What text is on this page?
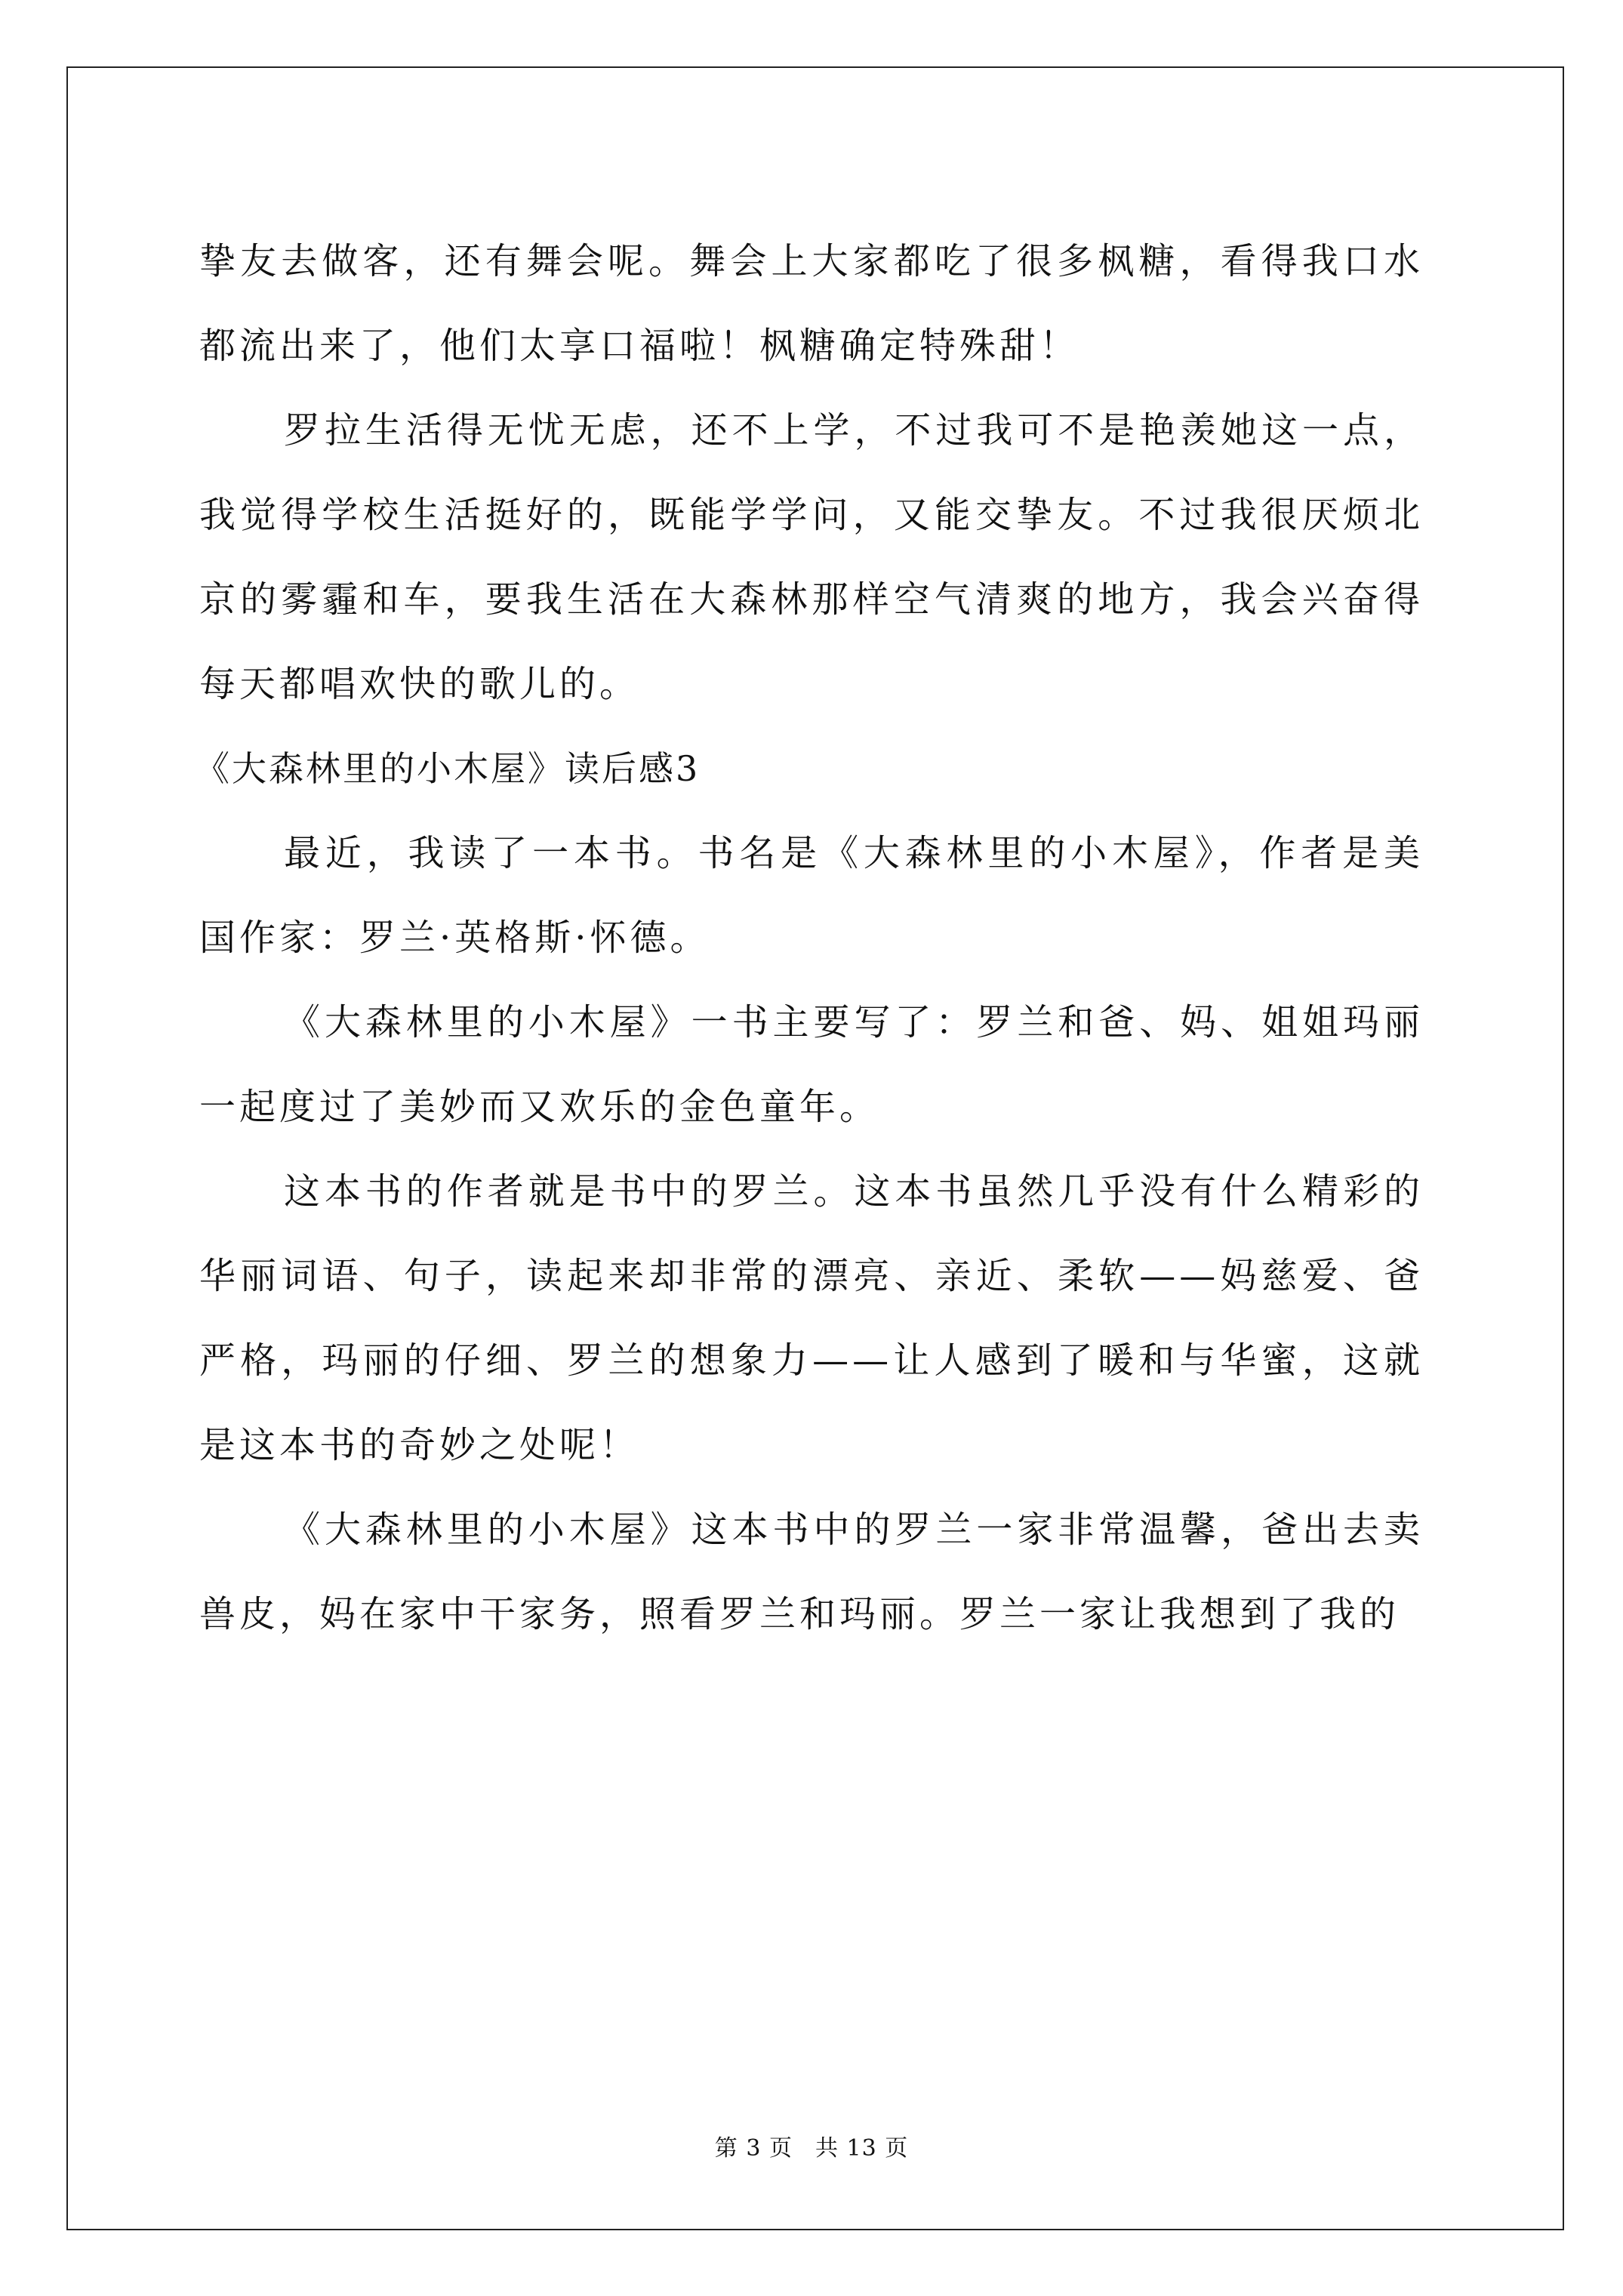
挚友去做客，还有舞会呢。舞会上大家都吃了很多枫糖，看得我口水都流出来了，他们太享口福啦！枫糖确定特殊甜！

罗拉生活得无忧无虑，还不上学，不过我可不是艳羡她这一点，我觉得学校生活挺好的，既能学学问，又能交挚友。不过我很厌烦北京的雾霾和车，要我生活在大森林那样空气清爽的地方，我会兴奋得每天都唱欢快的歌儿的。

《大森林里的小木屋》读后感3

最近，我读了一本书。书名是《大森林里的小木屋》，作者是美国作家：罗兰·英格斯·怀德。

《大森林里的小木屋》一书主要写了：罗兰和爸、妈、姐姐玛丽一起度过了美妙而又欢乐的金色童年。

这本书的作者就是书中的罗兰。这本书虽然几乎没有什么精彩的华丽词语、句子，读起来却非常的漂亮、亲近、柔软——妈慈爱、爸严格，玛丽的仔细、罗兰的想象力——让人感到了暖和与华蜜，这就是这本书的奇妙之处呢！

《大森林里的小木屋》这本书中的罗兰一家非常温馨，爸出去卖兽皮，妈在家中干家务，照看罗兰和玛丽。罗兰一家让我想到了我的

第 3 页 共 13 页
